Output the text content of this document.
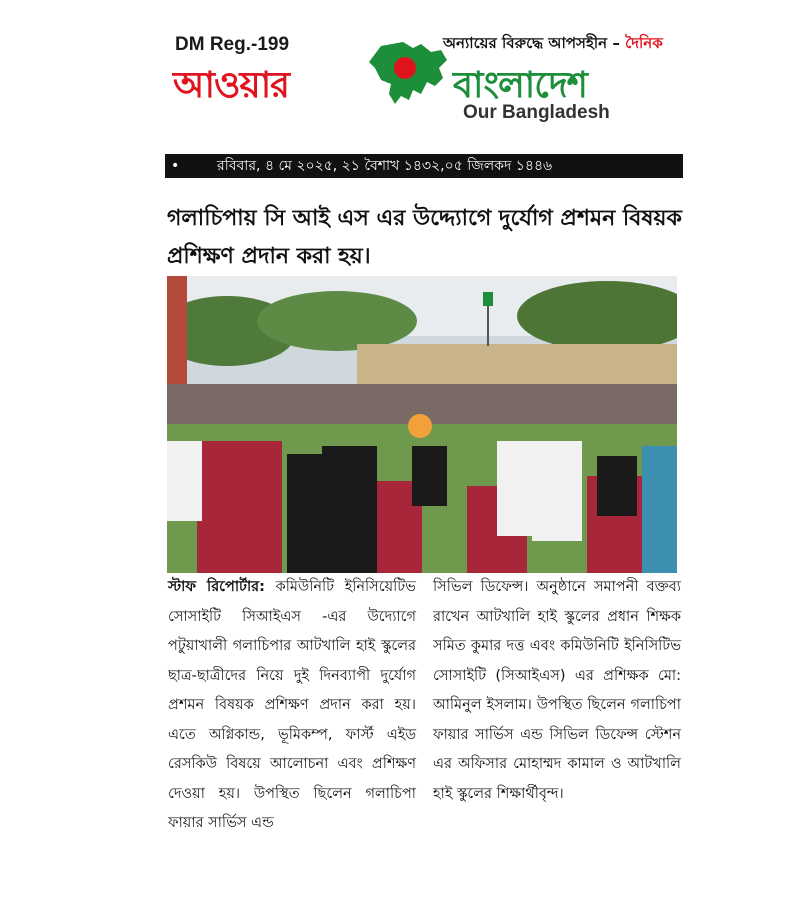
DM Reg.-199	অন্যায়ের বিরুদ্ধে আপসহীন – দৈনিক
আওয়ার	বাংলাদেশ
Our Bangladesh
•	রবিবার, ৪ মে ২০২৫, ২১ বৈশাখ ১৪৩২,০৫ জিলকদ ১৪৪৬
গলাচিপায় সি আই এস এর উদ্দ্যোগে দুর্যোগ প্রশমন বিষয়ক প্রশিক্ষণ প্রদান করা হয়।
স্টাফ রিপোর্টার: কমিউনিটি ইনিসিয়েটিভ সোসাইটি সিআইএস -এর উদ্যোগে পটুয়াখালী গলাচিপার আটখালি হাই স্কুলের ছাত্র-ছাত্রীদের নিয়ে দুই দিনব্যাপী দুর্যোগ প্রশমন বিষয়ক প্রশিক্ষণ প্রদান করা হয়। এতে অগ্নিকান্ড, ভূমিকম্প, ফার্স্ট এইড রেসকিউ বিষয়ে আলোচনা এবং প্রশিক্ষণ দেওয়া হয়। উপস্থিত ছিলেন গলাচিপা ফায়ার সার্ভিস এন্ড
সিভিল ডিফেন্স। অনুষ্ঠানে সমাপনী বক্তব্য রাখেন আটখালি হাই স্কুলের প্রধান শিক্ষক সমিত কুমার দত্ত এবং কমিউনিটি ইনিসিটিভ সোসাইটি (সিআইএস) এর প্রশিক্ষক মো: আমিনুল ইসলাম। উপস্থিত ছিলেন গলাচিপা ফায়ার সার্ভিস এন্ড সিভিল ডিফেন্স স্টেশন এর অফিসার মোহাম্মদ কামাল ও আটখালি হাই স্কুলের শিক্ষার্থীবৃন্দ।
